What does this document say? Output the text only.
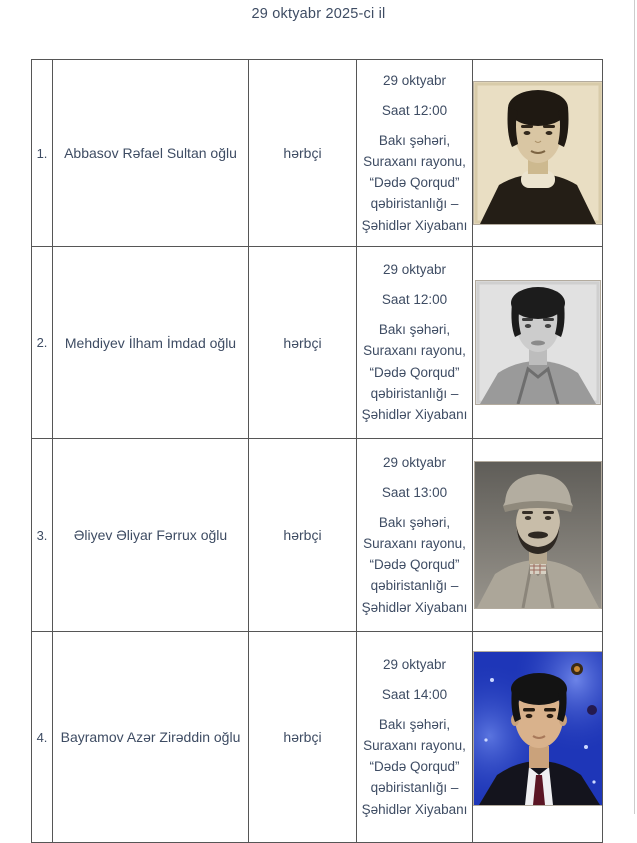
29 oktyabr 2025-ci il
1.	Abbasov Rəfael Sultan oğlu	hərbçi	29 oktyabr

Saat 12:00

Bakı şəhəri, Suraxanı rayonu, “Dədə Qorqud” qəbiristanlığı – Şəhidlər Xiyabanı

2.	Mehdiyev İlham İmdad oğlu	hərbçi	29 oktyabr

Saat 12:00

Bakı şəhəri, Suraxanı rayonu, “Dədə Qorqud” qəbiristanlığı – Şəhidlər Xiyabanı

3.	Əliyev Əliyar Fərrux oğlu	hərbçi	29 oktyabr

Saat 13:00

Bakı şəhəri, Suraxanı rayonu, “Dədə Qorqud” qəbiristanlığı – Şəhidlər Xiyabanı

4.	Bayramov Azər Zirəddin oğlu	hərbçi	29 oktyabr

Saat 14:00

Bakı şəhəri, Suraxanı rayonu, “Dədə Qorqud” qəbiristanlığı – Şəhidlər Xiyabanı
